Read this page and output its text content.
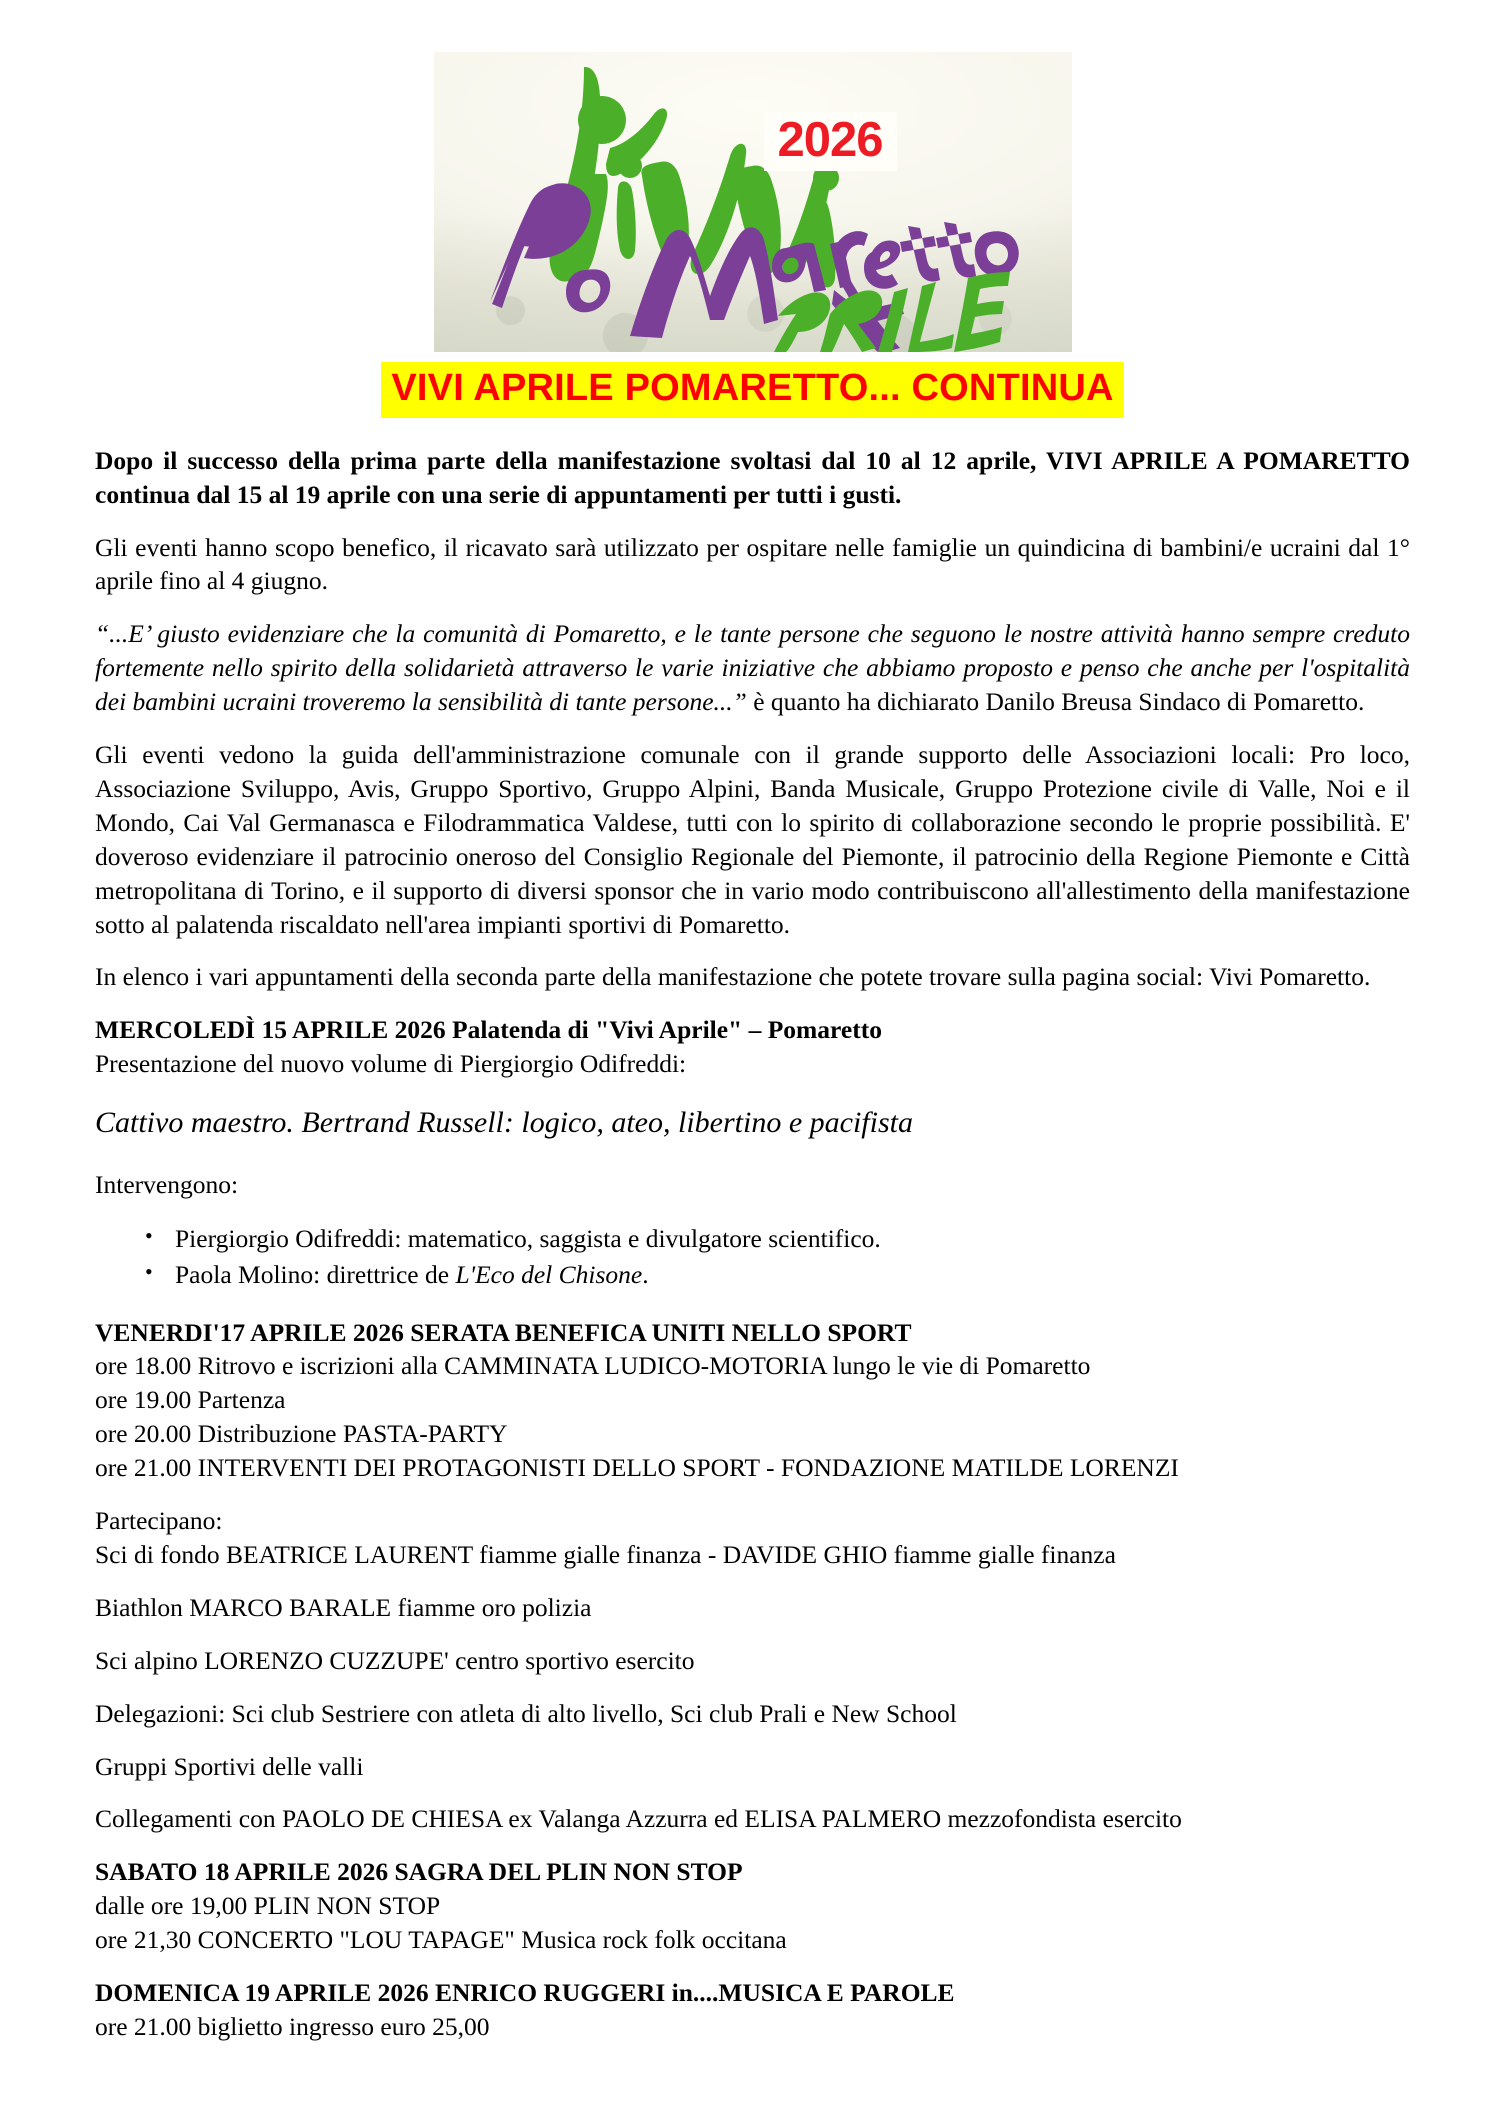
2026
VIVI APRILE POMARETTO... CONTINUA

Dopo il successo della prima parte della manifestazione svoltasi dal 10 al 12 aprile, VIVI APRILE A POMARETTO continua dal 15 al 19 aprile con una serie di appuntamenti per tutti i gusti.

Gli eventi hanno scopo benefico, il ricavato sarà utilizzato per ospitare nelle famiglie un quindicina di bambini/e ucraini dal 1° aprile fino al 4 giugno.

“...E’ giusto evidenziare che la comunità di Pomaretto, e le tante persone che seguono le nostre attività hanno sempre creduto fortemente nello spirito della solidarietà attraverso le varie iniziative che abbiamo proposto e penso che anche per l'ospitalità dei bambini ucraini troveremo la sensibilità di tante persone...” è quanto ha dichiarato Danilo Breusa Sindaco di Pomaretto.

Gli eventi vedono la guida dell'amministrazione comunale con il grande supporto delle Associazioni locali: Pro loco, Associazione Sviluppo, Avis, Gruppo Sportivo, Gruppo Alpini, Banda Musicale, Gruppo Protezione civile di Valle, Noi e il Mondo, Cai Val Germanasca e Filodrammatica Valdese, tutti con lo spirito di collaborazione secondo le proprie possibilità. E' doveroso evidenziare il patrocinio oneroso del Consiglio Regionale del Piemonte, il patrocinio della Regione Piemonte e Città metropolitana di Torino, e il supporto di diversi sponsor che in vario modo contribuiscono all'allestimento della manifestazione sotto al palatenda riscaldato nell'area impianti sportivi di Pomaretto.

In elenco i vari appuntamenti della seconda parte della manifestazione che potete trovare sulla pagina social: Vivi Pomaretto.

MERCOLEDÌ 15 APRILE 2026 Palatenda di "Vivi Aprile" – Pomaretto

Presentazione del nuovo volume di Piergiorgio Odifreddi:

Cattivo maestro. Bertrand Russell: logico, ateo, libertino e pacifista

Intervengono:

• Piergiorgio Odifreddi: matematico, saggista e divulgatore scientifico.
• Paola Molino: direttrice de L'Eco del Chisone.
VENERDI'17 APRILE 2026 SERATA BENEFICA UNITI NELLO SPORT

ore 18.00 Ritrovo e iscrizioni alla CAMMINATA LUDICO-MOTORIA lungo le vie di Pomaretto

ore 19.00 Partenza

ore 20.00 Distribuzione PASTA-PARTY

ore 21.00 INTERVENTI DEI PROTAGONISTI DELLO SPORT - FONDAZIONE MATILDE LORENZI

Partecipano:

Sci di fondo BEATRICE LAURENT fiamme gialle finanza - DAVIDE GHIO fiamme gialle finanza

Biathlon MARCO BARALE fiamme oro polizia

Sci alpino LORENZO CUZZUPE' centro sportivo esercito

Delegazioni: Sci club Sestriere con atleta di alto livello, Sci club Prali e New School

Gruppi Sportivi delle valli

Collegamenti con PAOLO DE CHIESA ex Valanga Azzurra ed ELISA PALMERO mezzofondista esercito

SABATO 18 APRILE 2026 SAGRA DEL PLIN NON STOP

dalle ore 19,00 PLIN NON STOP

ore 21,30 CONCERTO "LOU TAPAGE" Musica rock folk occitana

DOMENICA 19 APRILE 2026 ENRICO RUGGERI in....MUSICA E PAROLE

ore 21.00 biglietto ingresso euro 25,00
